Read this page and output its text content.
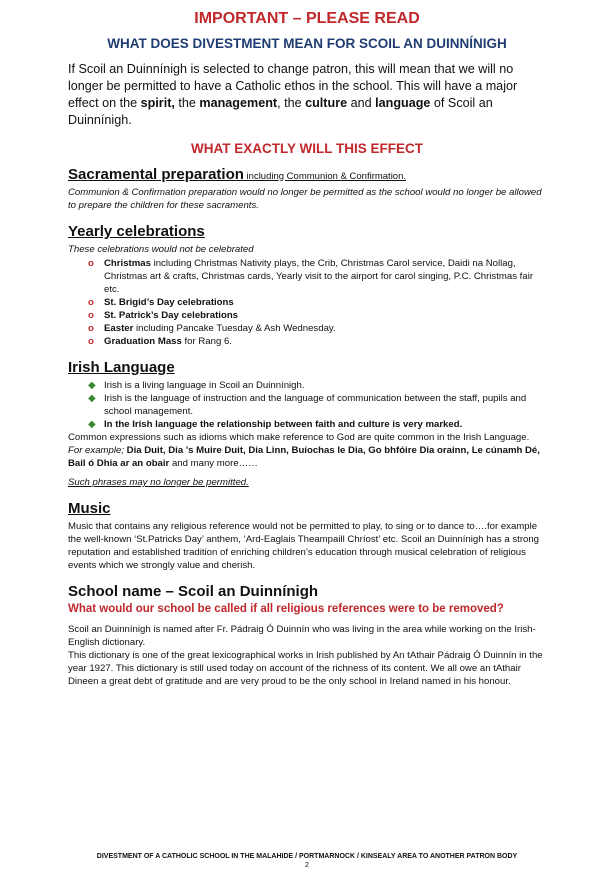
IMPORTANT – PLEASE READ
WHAT DOES DIVESTMENT MEAN FOR SCOIL AN DUINNÍNIGH

If Scoil an Duinnínigh is selected to change patron, this will mean that we will no longer be permitted to have a Catholic ethos in the school. This will have a major effect on the spirit, the management, the culture and language of Scoil an Duinnínigh.

WHAT EXACTLY WILL THIS EFFECT
Sacramental preparation including Communion & Confirmation.

Communion & Confirmation preparation would no longer be permitted as the school would no longer be allowed to prepare the children for these sacraments.

Yearly celebrations

These celebrations would not be celebrated

o Christmas including Christmas Nativity plays, the Crib, Christmas Carol service, Daidi na Nollag, Christmas art & crafts, Christmas cards, Yearly visit to the airport for carol singing, P.C. Christmas fair etc.
o St. Brigid’s Day celebrations
o St. Patrick’s Day celebrations
o Easter including Pancake Tuesday & Ash Wednesday.
o Graduation Mass for Rang 6.
Irish Language
◆ Irish is a living language in Scoil an Duinnínigh.
◆ Irish is the language of instruction and the language of communication between the staff, pupils and school management.
◆ In the Irish language the relationship between faith and culture is very marked.

Common expressions such as idioms which make reference to God are quite common in the Irish Language. For example; Dia Duit, Dia 's Muire Duit, Dia Linn, Buíochas le Dia, Go bhfóire Dia orainn, Le cúnamh Dé, Bail ó Dhia ar an obair and many more……

Such phrases may no longer be permitted.

Music

Music that contains any religious reference would not be permitted to play, to sing or to dance to….for example the well-known ‘St.Patricks Day’ anthem, ‘Ard-Eaglais Theampaill Chríost’ etc. Scoil an Duinnínigh has a strong reputation and established tradition of enriching children’s education through musical celebration of religious events which we strongly value and cherish.

School name – Scoil an Duinnínigh
What would our school be called if all religious references were to be removed?

Scoil an Duinnínigh is named after Fr. Pádraig Ó Duinnín who was living in the area while working on the Irish-English dictionary.

This dictionary is one of the great lexicographical works in Irish published by An tAthair Pádraig Ó Duinnín in the year 1927. This dictionary is still used today on account of the richness of its content. We all owe an tAthair Dineen a great debt of gratitude and are very proud to be the only school in Ireland named in his honour.

DIVESTMENT OF A CATHOLIC SCHOOL IN THE MALAHIDE / PORTMARNOCK / KINSEALY AREA TO ANOTHER PATRON BODY
2
